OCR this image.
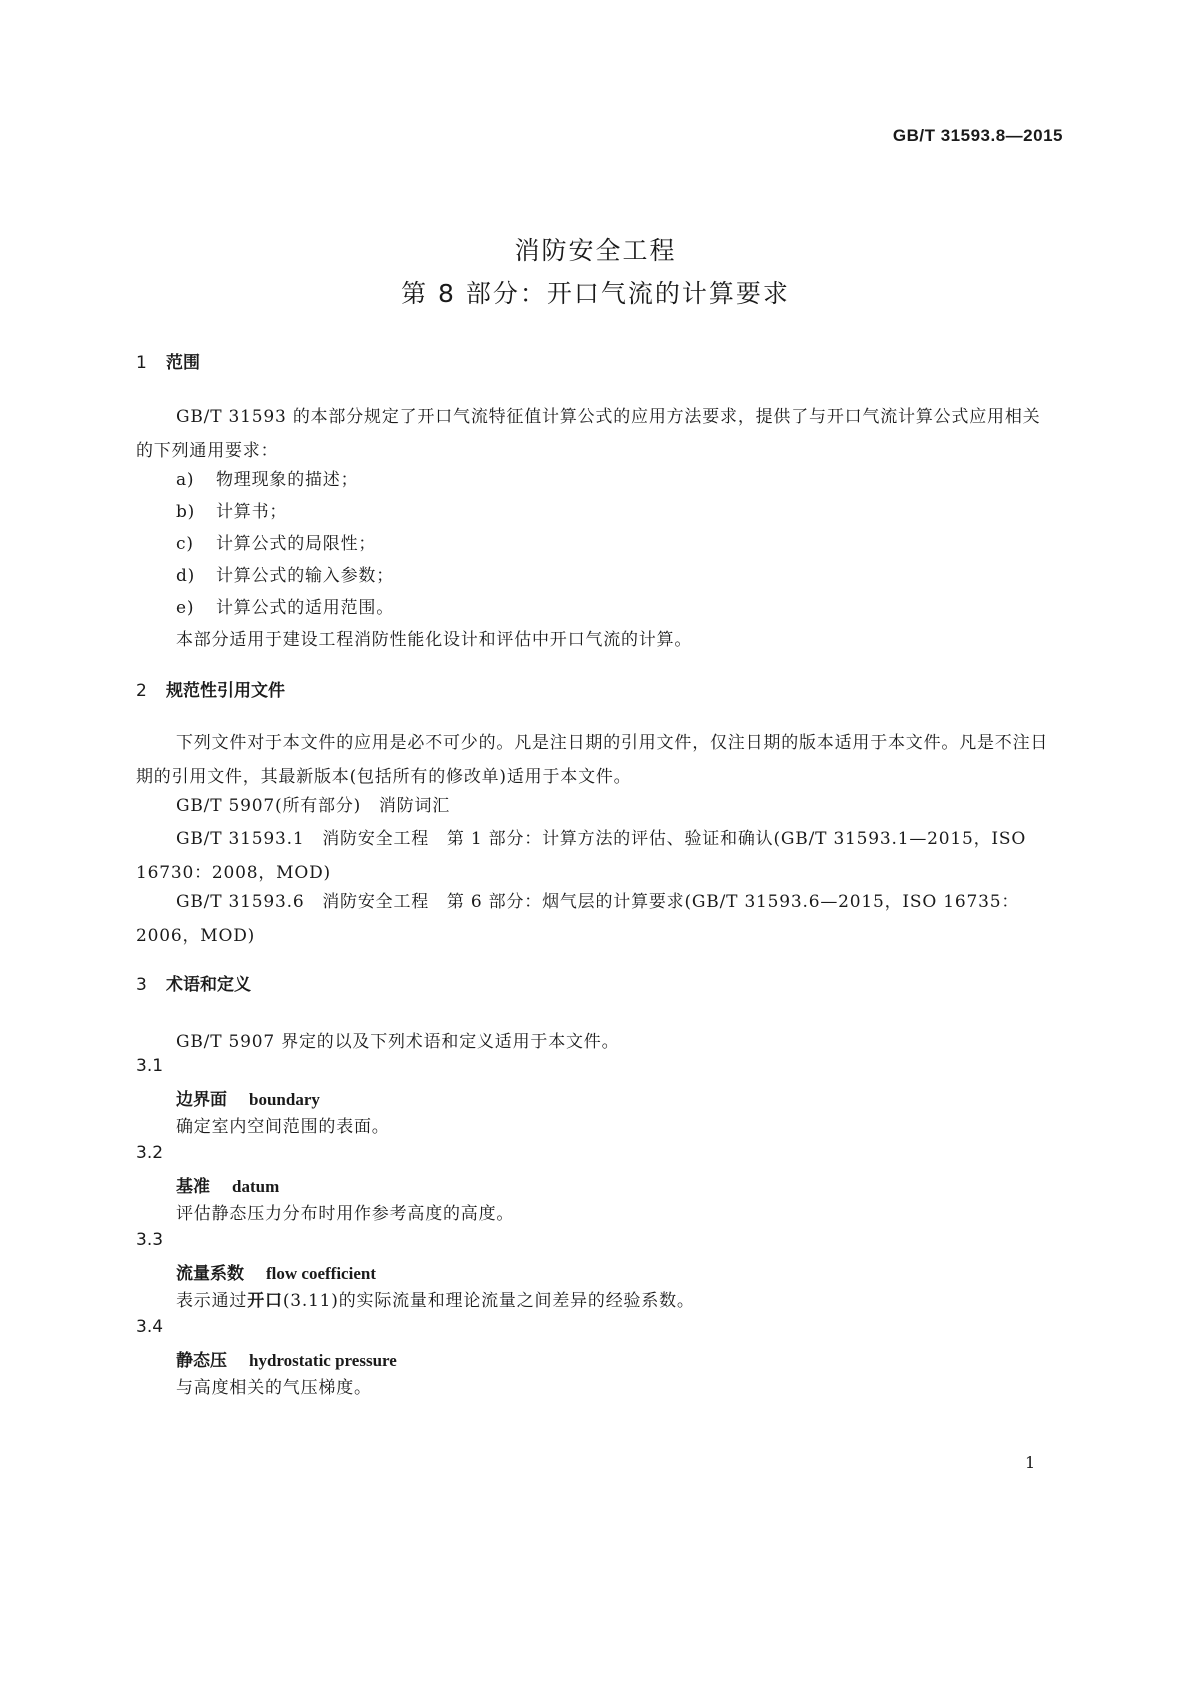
GB/T 31593.8—2015
消防安全工程
第 8 部分：开口气流的计算要求
1 范围
GB/T 31593 的本部分规定了开口气流特征值计算公式的应用方法要求，提供了与开口气流计算公式应用相关的下列通用要求：
a) 物理现象的描述；
b) 计算书；
c) 计算公式的局限性；
d) 计算公式的输入参数；
e) 计算公式的适用范围。
本部分适用于建设工程消防性能化设计和评估中开口气流的计算。
2 规范性引用文件
下列文件对于本文件的应用是必不可少的。凡是注日期的引用文件，仅注日期的版本适用于本文件。凡是不注日期的引用文件，其最新版本(包括所有的修改单)适用于本文件。
GB/T 5907(所有部分)　消防词汇
GB/T 31593.1　消防安全工程　第 1 部分：计算方法的评估、验证和确认(GB/T 31593.1—2015，ISO 16730：2008，MOD)
GB/T 31593.6　消防安全工程　第 6 部分：烟气层的计算要求(GB/T 31593.6—2015，ISO 16735：2006，MOD)
3 术语和定义
GB/T 5907 界定的以及下列术语和定义适用于本文件。
3.1
边界面 boundary
确定室内空间范围的表面。
3.2
基准 datum
评估静态压力分布时用作参考高度的高度。
3.3
流量系数 flow coefficient
表示通过开口(3.11)的实际流量和理论流量之间差异的经验系数。
3.4
静态压 hydrostatic pressure
与高度相关的气压梯度。
1
